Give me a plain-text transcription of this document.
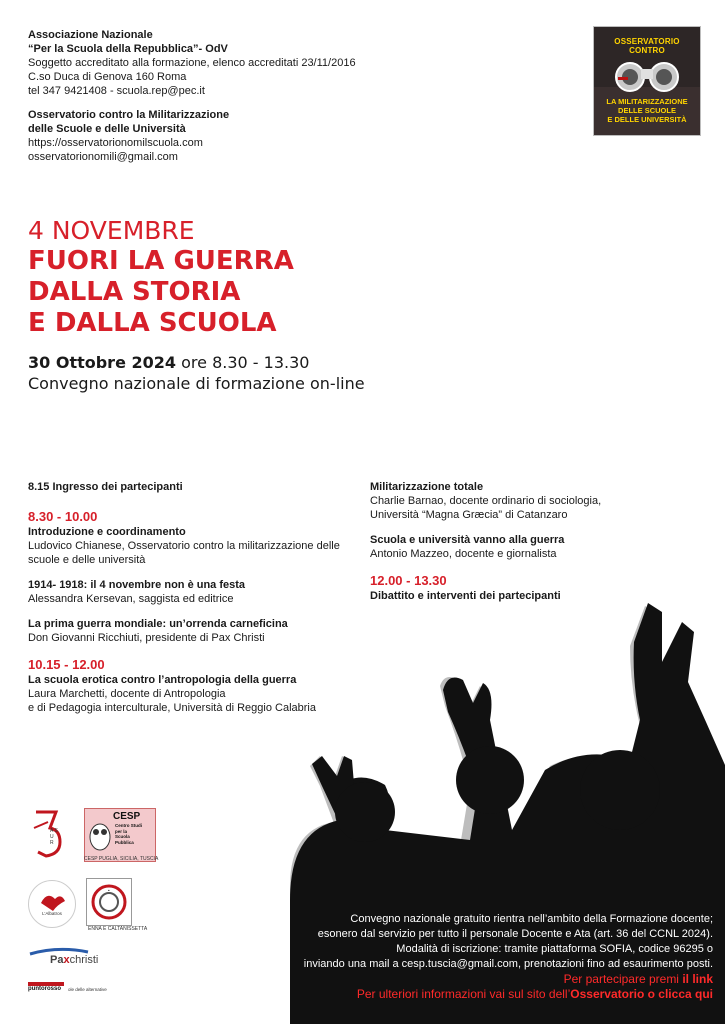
Associazione Nazionale
“Per la Scuola della Repubblica”- OdV
Soggetto accreditato alla formazione, elenco accreditati 23/11/2016
C.so Duca di Genova 160 Roma
tel 347 9421408 - scuola.rep@pec.it
Osservatorio contro la Militarizzazione
delle Scuole e delle Università
https://osservatorionomilscuola.com
osservatorionomili@gmail.com
OSSERVATORIO CONTRO
LA MILITARIZZAZIONE
DELLE SCUOLE
E DELLE UNIVERSITÀ
4 NOVEMBRE
FUORI LA GUERRA
DALLA STORIA
E DALLA SCUOLA
30 Ottobre 2024 ore 8.30 - 13.30
Convegno nazionale di formazione on-line
8.15 Ingresso dei partecipanti
8.30 - 10.00
Introduzione e coordinamento
Ludovico Chianese, Osservatorio contro la militarizzazione delle
scuole e delle università
1914- 1918: il 4 novembre non è una festa
Alessandra Kersevan, saggista ed editrice
La prima guerra mondiale: un’orrenda carneficina
Don Giovanni Ricchiuti, presidente di Pax Christi
10.15 - 12.00
La scuola erotica contro l’antropologia della guerra
Laura Marchetti, docente di Antropologia
e di Pedagogia interculturale, Università di Reggio Calabria
Militarizzazione totale
Charlie Barnao, docente ordinario di sociologia,
Università “Magna Græcia” di Catanzaro
Scuola e università vanno alla guerra
Antonio Mazzeo, docente e giornalista
12.00 - 13.30
Dibattito e interventi dei partecipanti
Convegno nazionale gratuito rientra nell’ambito della Formazione docente;
esonero dal servizio per tutto il personale Docente e Ata (art. 36 del CCNL 2024).
Modalità di iscrizione: tramite piattaforma SOFIA, codice 96295 o
inviando una mail a cesp.tuscia@gmail.com, prenotazioni fino ad esaurimento posti.
Per partecipare premi il link
Per ulteriori informazioni vai sul sito dell’Osservatorio o clicca qui
A S U R
CESP
Centro Studi
per la
Scuola
Pubblica
CESP PUGLIA, SICILIA, TUSCIA
L’Albatros
·
ENNA E CALTANISSETTA
Paxchristi
puntorosso ole delle alternative
